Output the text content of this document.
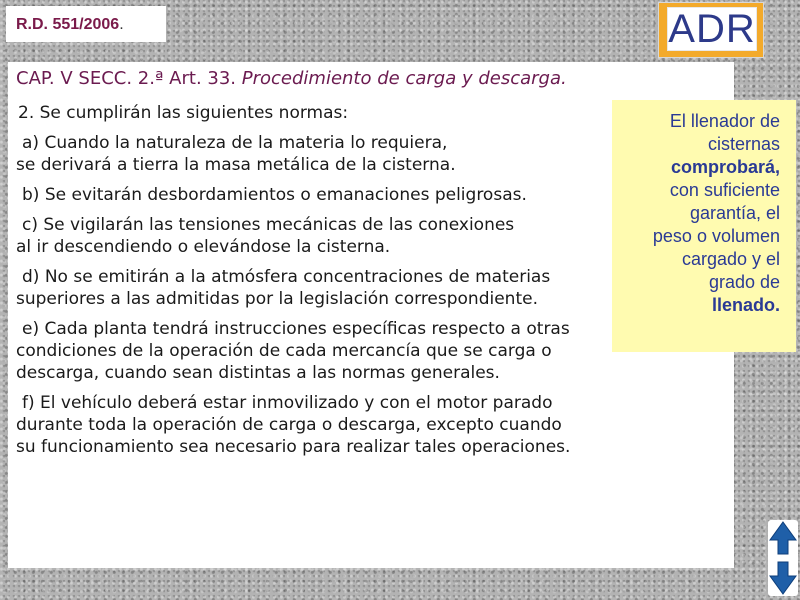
R.D. 551/2006.	ADR
CAP. V SECC. 2.ª Art. 33. Procedimiento de carga y descarga.

2. Se cumplirán las siguientes normas:

a) Cuando la naturaleza de la materia lo requiera,
se derivará a tierra la masa metálica de la cisterna.

b) Se evitarán desbordamientos o emanaciones peligrosas.

c) Se vigilarán las tensiones mecánicas de las conexiones
al ir descendiendo o elevándose la cisterna.

d) No se emitirán a la atmósfera concentraciones de materias
superiores a las admitidas por la legislación correspondiente.

e) Cada planta tendrá instrucciones específicas respecto a otras
condiciones de la operación de cada mercancía que se carga o
descarga, cuando sean distintas a las normas generales.

f) El vehículo deberá estar inmovilizado y con el motor parado
durante toda la operación de carga o descarga, excepto cuando
su funcionamiento sea necesario para realizar tales operaciones.

El llenador de
cisternas
comprobará,
con suficiente
garantía, el
peso o volumen
cargado y el
grado de
llenado.
